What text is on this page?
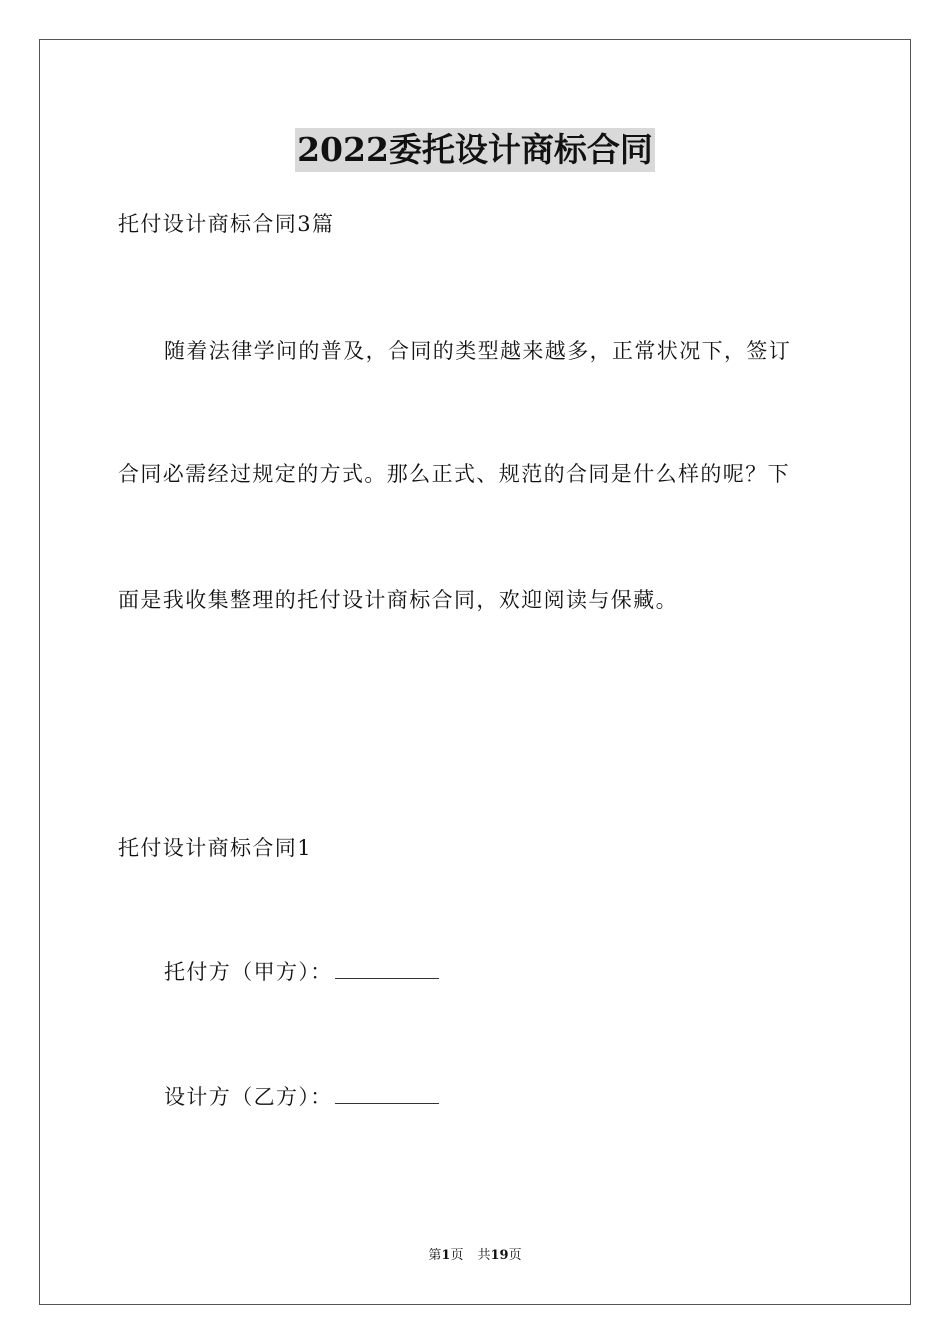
2022委托设计商标合同
托付设计商标合同3篇
随着法律学问的普及，合同的类型越来越多，正常状况下，签订
合同必需经过规定的方式。那么正式、规范的合同是什么样的呢？下
面是我收集整理的托付设计商标合同，欢迎阅读与保藏。
托付设计商标合同1
托付方（甲方）：
设计方（乙方）：
第1页 共19页
